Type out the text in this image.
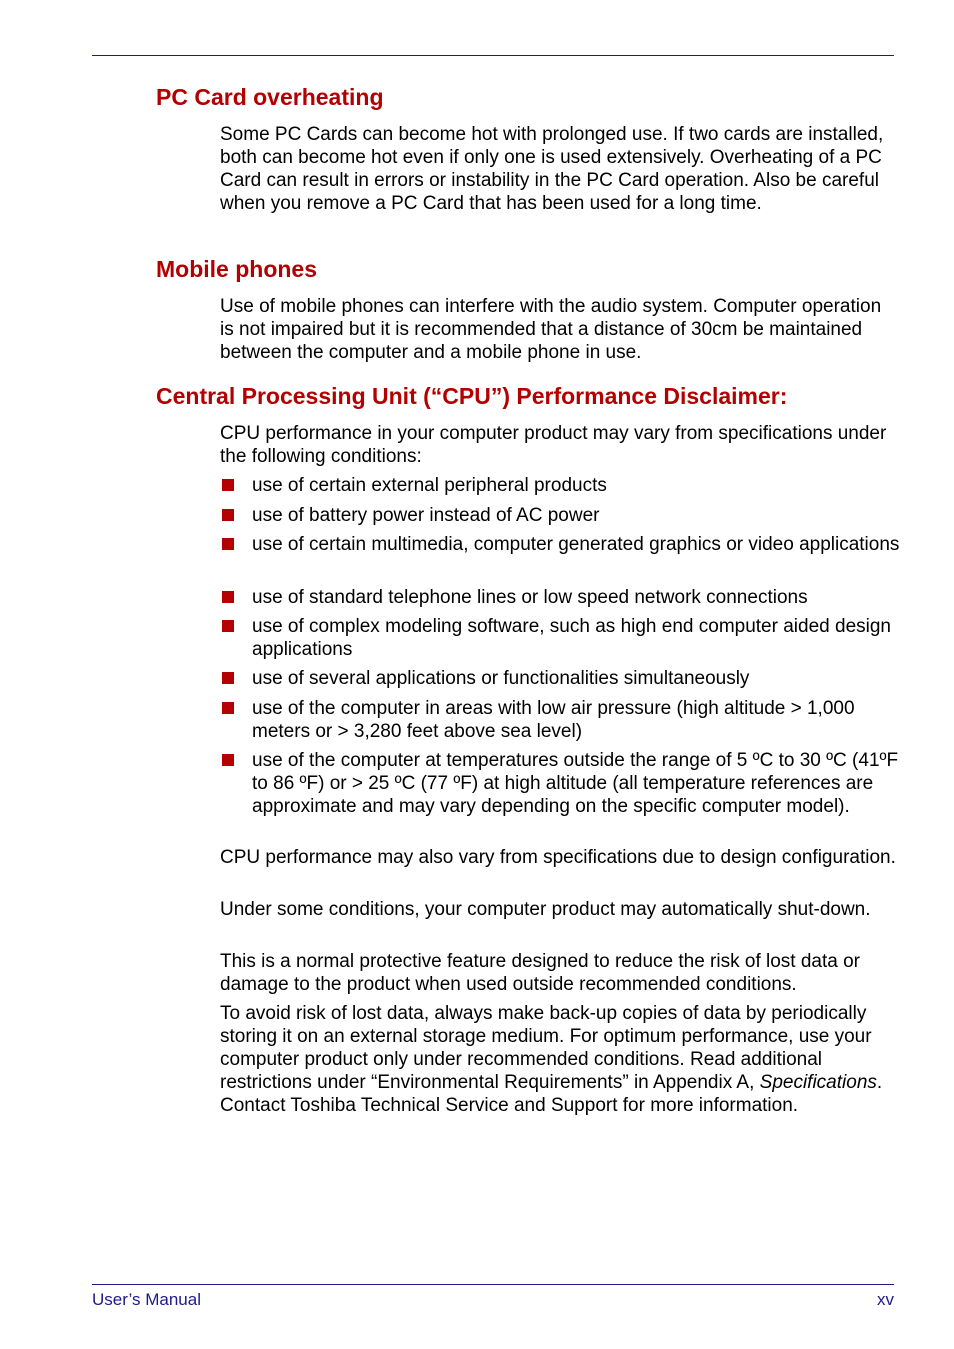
PC Card overheating

Some PC Cards can become hot with prolonged use. If two cards are installed, both can become hot even if only one is used extensively. Overheating of a PC Card can result in errors or instability in the PC Card operation. Also be careful when you remove a PC Card that has been used for a long time.

Mobile phones

Use of mobile phones can interfere with the audio system. Computer operation is not impaired but it is recommended that a distance of 30cm be maintained between the computer and a mobile phone in use.

Central Processing Unit (“CPU”) Performance Disclaimer:

CPU performance in your computer product may vary from specifications under the following conditions:

use of certain external peripheral products
use of battery power instead of AC power
use of certain multimedia, computer generated graphics or video applications
use of standard telephone lines or low speed network connections
use of complex modeling software, such as high end computer aided design applications
use of several applications or functionalities simultaneously
use of the computer in areas with low air pressure (high altitude > 1,000 meters or > 3,280 feet above sea level)
use of the computer at temperatures outside the range of 5 ºC to 30 ºC (41ºF to 86 ºF) or > 25 ºC (77 ºF) at high altitude (all temperature references are approximate and may vary depending on the specific computer model).

CPU performance may also vary from specifications due to design configuration.

Under some conditions, your computer product may automatically shut-down.

This is a normal protective feature designed to reduce the risk of lost data or damage to the product when used outside recommended conditions.

To avoid risk of lost data, always make back-up copies of data by periodically storing it on an external storage medium. For optimum performance, use your computer product only under recommended conditions. Read additional restrictions under “Environmental Requirements” in Appendix A, Specifications. Contact Toshiba Technical Service and Support for more information.

User’s Manual	xv
